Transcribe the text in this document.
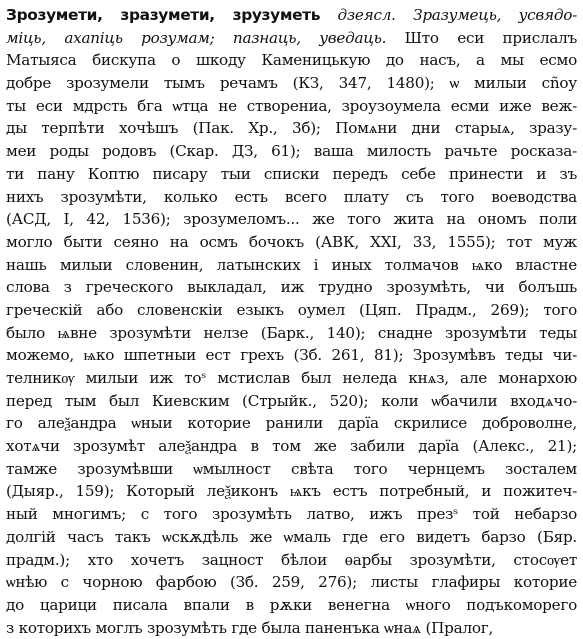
Зрозумети, зразумети, зрузуметь дзеясл. Зразумець, усвядо-
міць, ахапіць розумам; пазнаць, уведаць. Што еси прислалъ
Матыяса бискупа о шкоду Каменицькую до насъ, а мы есмо
добре зрозумели тымъ речамъ (КЗ, 347, 1480); ѡ милыи сñоу
ты еси мдрсть бга ѡтца не створениа, зроузоумела есми иже веж-
ды терпѣти хочѣшъ (Пак. Хр., 3б); Помѧни дни старыѧ, зразу-
меи роды родовъ (Скар. ДЗ, 61); ваша милость рачьте росказа-
ти пану Коптю писару тыи списки передъ себе принести и зъ
нихъ зрозумѣти, колько есть всего плату съ того воеводства
(АСД, І, 42, 1536); зрозумеломъ... же того жита на ономъ поли
могло быти сеяно на осмъ бочокъ (АВК, XXI, 33, 1555); тот муж
нашь милыи словенин, латынских і иных толмачов ѩко властне
слова з греческого выкладал, иж трудно зрозумѣть, чи болъшь
греческій або словенскіи езыкъ оумел (Цяп. Прадм., 269); того
было ѩвне зрозумѣти нелзе (Барк., 140); снадне зрозумѣти теды
можемо, ѩко шпетныи ест грехъ (Зб. 261, 81); Зрозумѣвъ теды чи-
телникѹ милыи иж тоˢ мстислав был неледа кнѧз, але монархою
перед тым был Киевским (Стрыйк., 520); коли ѡбачили входѧчо-
го алеѯандра ѡныи которие ранили дарїа скрилисе доброволне,
хотѧчи зрозумѣт алеѯандра в том же забили дарїа (Алекс., 21);
тамже зрозумѣвши ѡмылност свѣта того чернцемъ зосталем
(Дыяр., 159); Который леѯиконъ ѩкъ естъ потребный, и пожитеч-
ный многимъ; с того зрозумѣть латво, ижъ презˢ той небарзо
долгій часъ такъ ѡскѫдѣль же ѡмаль где его видетъ барзо (Бяр.
прадм.); хто хочетъ зацност бѣлои ѳарбы зрозумѣти, стосѹет
ѡнѣю с чорною фарбою (Зб. 259, 276); листы глафиры которие
до царици писала впали в рѫки венегна ѡного подъкоморего
з которихъ моглъ зрозумѣть где была паненъка ѡнаѧ (Пралог,
